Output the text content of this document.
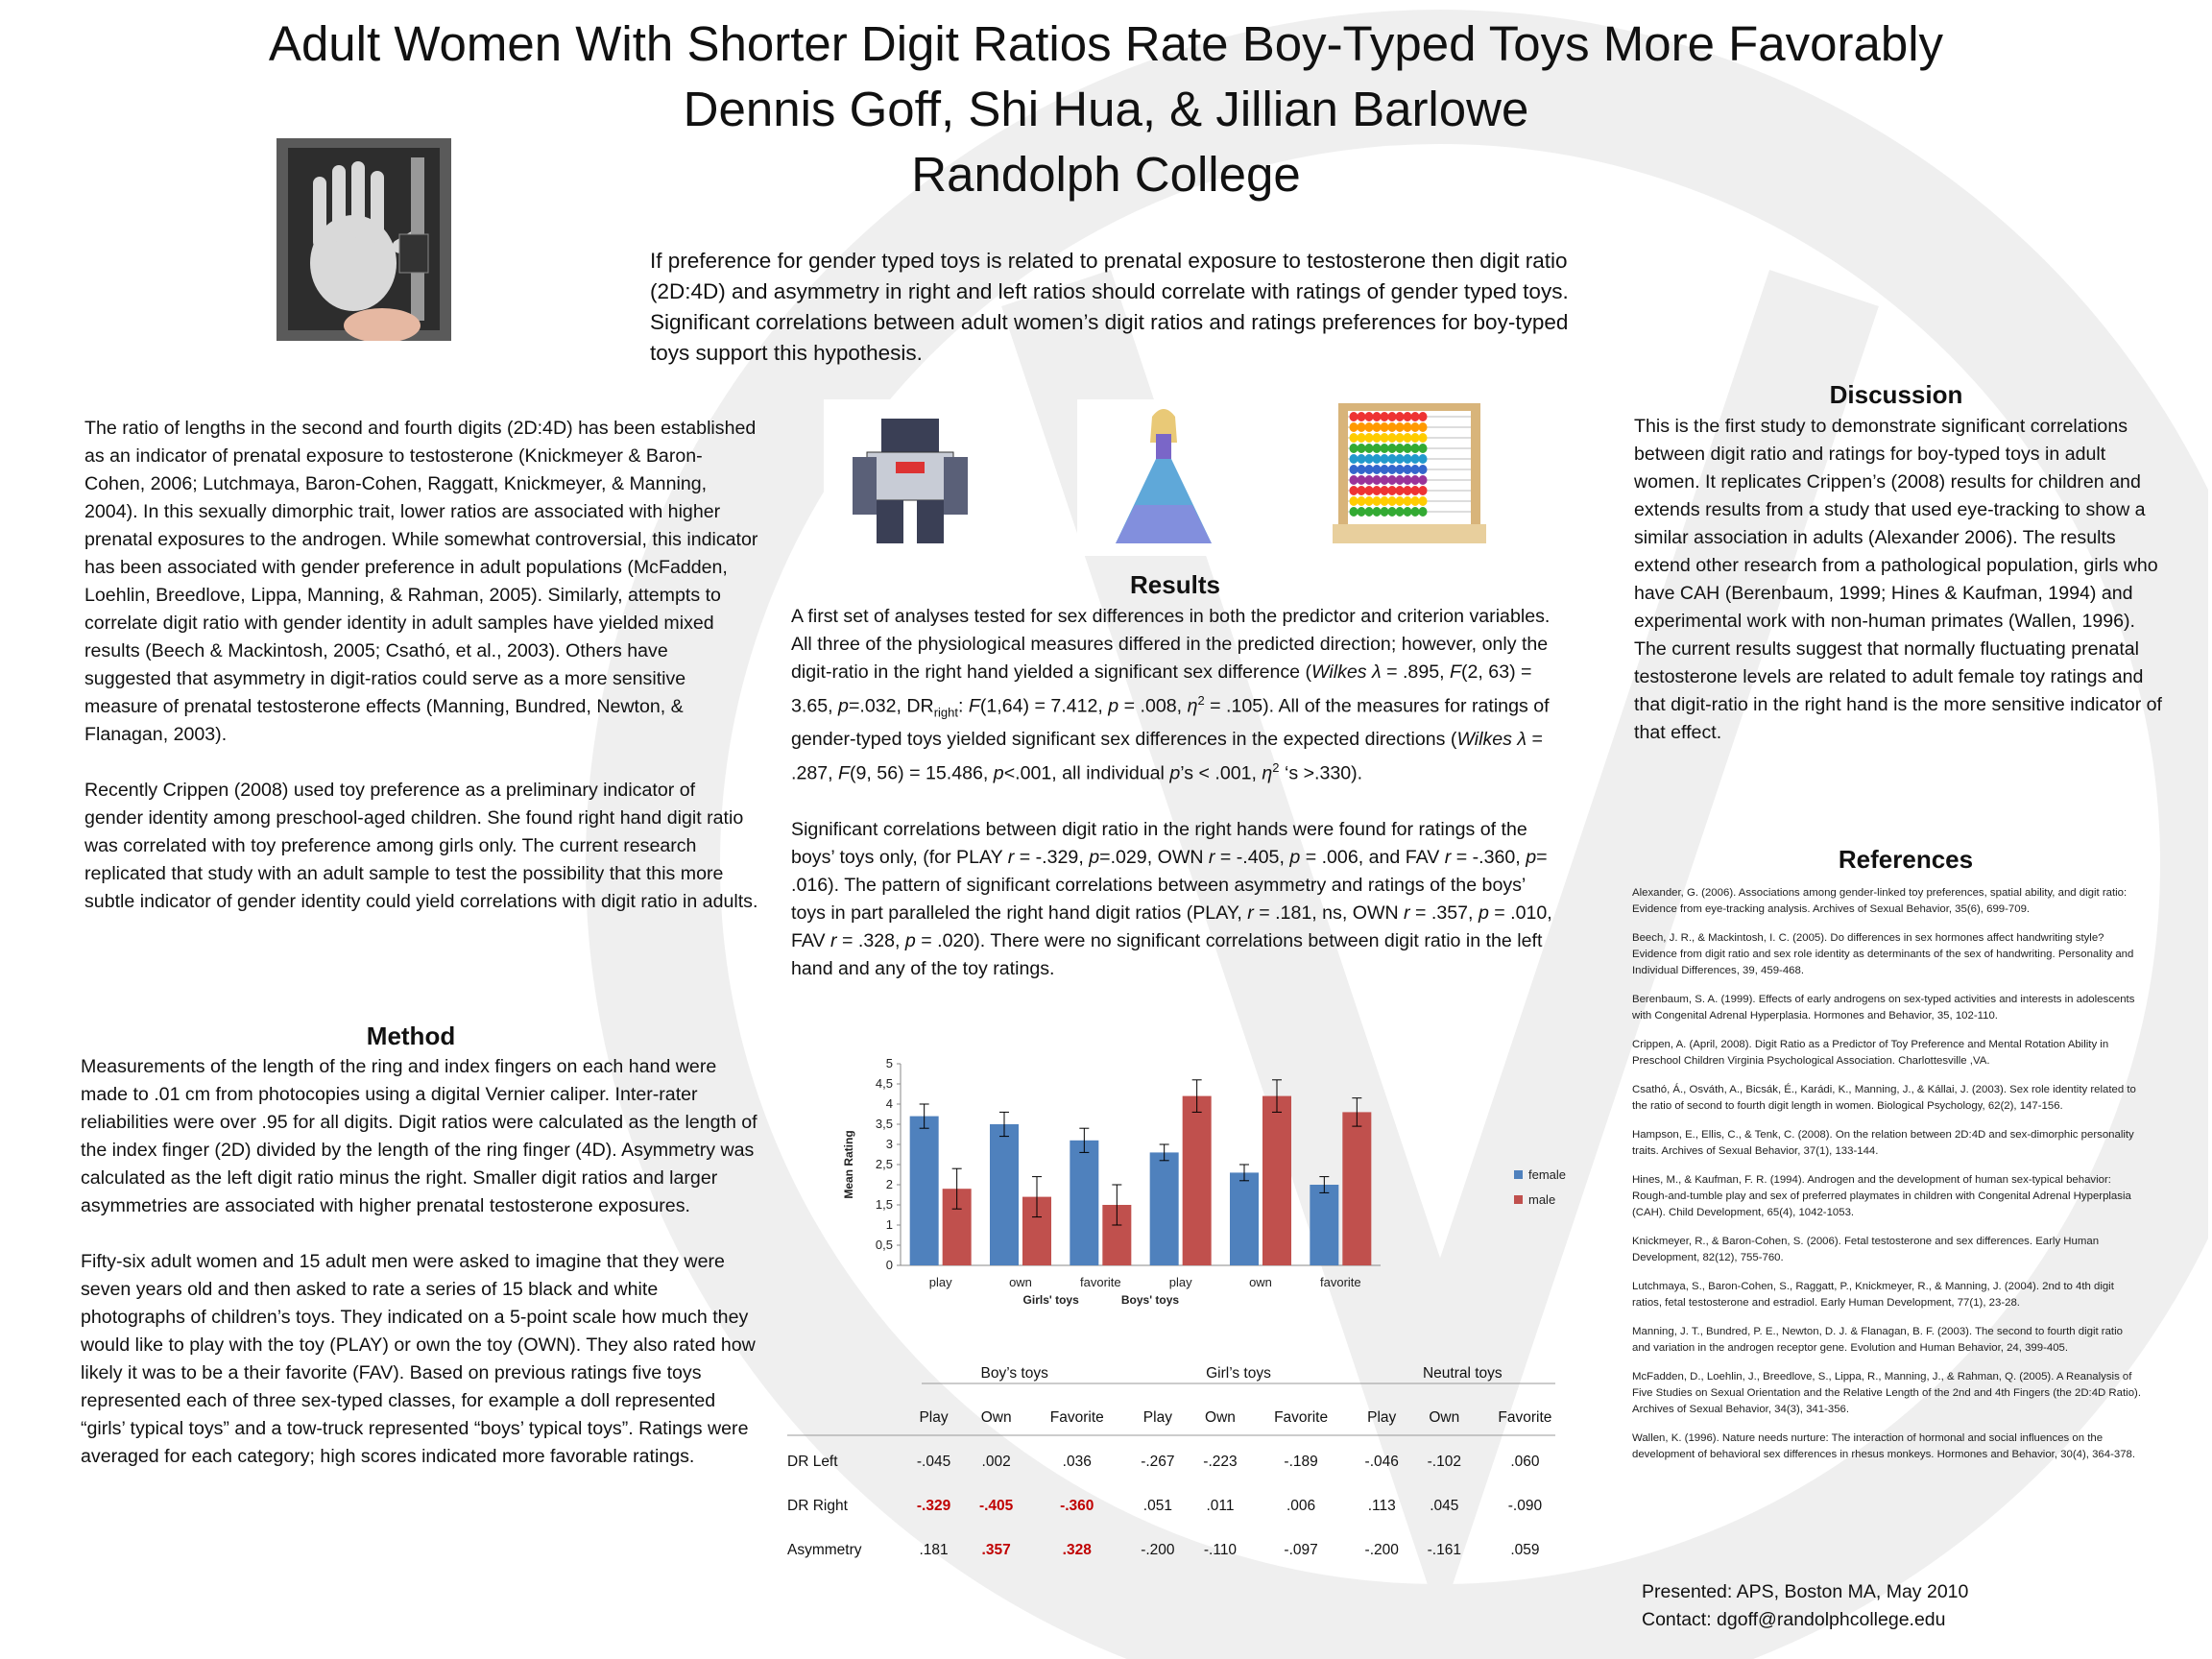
Adult Women With Shorter Digit Ratios Rate Boy-Typed Toys More Favorably
Dennis Goff, Shi Hua, & Jillian Barlowe
Randolph College
If preference for gender typed toys is related to prenatal exposure to testosterone then digit ratio (2D:4D) and asymmetry in right and left ratios should correlate with ratings of gender typed toys. Significant correlations between adult women’s digit ratios and ratings preferences for boy-typed toys support this hypothesis.

The ratio of lengths in the second and fourth digits (2D:4D) has been established as an indicator of prenatal exposure to testosterone (Knickmeyer & Baron-Cohen, 2006; Lutchmaya, Baron-Cohen, Raggatt, Knickmeyer, & Manning, 2004). In this sexually dimorphic trait, lower ratios are associated with higher prenatal exposures to the androgen. While somewhat controversial, this indicator has been associated with gender preference in adult populations (McFadden, Loehlin, Breedlove, Lippa, Manning, & Rahman, 2005). Similarly, attempts to correlate digit ratio with gender identity in adult samples have yielded mixed results (Beech & Mackintosh, 2005; Csathó, et al., 2003). Others have suggested that asymmetry in digit-ratios could serve as a more sensitive measure of prenatal testosterone effects (Manning, Bundred, Newton, & Flanagan, 2003).

Recently Crippen (2008) used toy preference as a preliminary indicator of gender identity among preschool-aged children. She found right hand digit ratio was correlated with toy preference among girls only. The current research replicated that study with an adult sample to test the possibility that this more subtle indicator of gender identity could yield correlations with digit ratio in adults.

Method

Measurements of the length of the ring and index fingers on each hand were made to .01 cm from photocopies using a digital Vernier caliper. Inter-rater reliabilities were over .95 for all digits. Digit ratios were calculated as the length of the index finger (2D) divided by the length of the ring finger (4D). Asymmetry was calculated as the left digit ratio minus the right. Smaller digit ratios and larger asymmetries are associated with higher prenatal testosterone exposures.

Fifty-six adult women and 15 adult men were asked to imagine that they were seven years old and then asked to rate a series of 15 black and white photographs of children’s toys. They indicated on a 5-point scale how much they would like to play with the toy (PLAY) or own the toy (OWN). They also rated how likely it was to be a their favorite (FAV). Based on previous ratings five toys represented each of three sex-typed classes, for example a doll represented “girls’ typical toys” and a tow-truck represented “boys’ typical toys”. Ratings were averaged for each category; high scores indicated more favorable ratings.

Results

A first set of analyses tested for sex differences in both the predictor and criterion variables. All three of the physiological measures differed in the predicted direction; however, only the digit-ratio in the right hand yielded a significant sex difference (Wilkes λ = .895, F(2, 63) = 3.65, p=.032, $DR_{right}$: F(1,64) = 7.412, p = .008, $\eta^2 = .105$). All of the measures for ratings of gender-typed toys yielded significant sex differences in the expected directions (Wilkes λ = .287, F(9, 56) = 15.486, p<.001, all individual p’s < .001, $\eta^2$ ‘s >.330).

Significant correlations between digit ratio in the right hands were found for ratings of the boys’ toys only, (for PLAY r = -.329, p=.029, OWN r = -.405, p = .006, and FAV r = -.360, p= .016). The pattern of significant correlations between asymmetry and ratings of the boys’ toys in part paralleled the right hand digit ratios (PLAY, r = .181, ns, OWN r = .357, p = .010, FAV r = .328, p = .020). There were no significant correlations between digit ratio in the left hand and any of the toy ratings.

0
0,5
1
1,5
2
2,5
3
3,5
4
4,5
5
Mean Rating
play	own	favorite	play	own	favorite
Girls' toys	Boys' toys
female
male
	Boy’s toys			Girl’s toys			Neutral toys		
	Play	Own	Favorite	Play	Own	Favorite	Play	Own	Favorite
DR Left	-.045	.002	.036	-.267	-.223	-.189	-.046	-.102	.060
DR Right	-.329	-.405	-.360	.051	.011	.006	.113	.045	-.090
Asymmetry	.181	.357	.328	-.200	-.110	-.097	-.200	-.161	.059
Discussion
This is the first study to demonstrate significant correlations between digit ratio and ratings for boy-typed toys in adult women. It replicates Crippen’s (2008) results for children and extends results from a study that used eye-tracking to show a similar association in adults (Alexander 2006). The results extend other research from a pathological population, girls who have CAH (Berenbaum, 1999; Hines & Kaufman, 1994) and experimental work with non-human primates (Wallen, 1996). The current results suggest that normally fluctuating prenatal testosterone levels are related to adult female toy ratings and that digit-ratio in the right hand is the more sensitive indicator of that effect.
References
Alexander, G. (2006). Associations among gender-linked toy preferences, spatial ability, and digit ratio: Evidence from eye-tracking analysis. Archives of Sexual Behavior, 35(6), 699-709.
Beech, J. R., & Mackintosh, I. C. (2005). Do differences in sex hormones affect handwriting style? Evidence from digit ratio and sex role identity as determinants of the sex of handwriting. Personality and Individual Differences, 39, 459-468.
Berenbaum, S. A. (1999). Effects of early androgens on sex-typed activities and interests in adolescents with Congenital Adrenal Hyperplasia. Hormones and Behavior, 35, 102-110.
Crippen, A. (April, 2008). Digit Ratio as a Predictor of Toy Preference and Mental Rotation Ability in Preschool Children Virginia Psychological Association. Charlottesville ,VA.
Csathó, Á., Osváth, A., Bicsák, É., Karádi, K., Manning, J., & Kállai, J. (2003). Sex role identity related to the ratio of second to fourth digit length in women. Biological Psychology, 62(2), 147-156.
Hampson, E., Ellis, C., & Tenk, C. (2008). On the relation between 2D:4D and sex-dimorphic personality traits. Archives of Sexual Behavior, 37(1), 133-144.
Hines, M., & Kaufman, F. R. (1994). Androgen and the development of human sex-typical behavior: Rough-and-tumble play and sex of preferred playmates in children with Congenital Adrenal Hyperplasia (CAH). Child Development, 65(4), 1042-1053.
Knickmeyer, R., & Baron-Cohen, S. (2006). Fetal testosterone and sex differences. Early Human Development, 82(12), 755-760.
Lutchmaya, S., Baron-Cohen, S., Raggatt, P., Knickmeyer, R., & Manning, J. (2004). 2nd to 4th digit ratios, fetal testosterone and estradiol. Early Human Development, 77(1), 23-28.
Manning, J. T., Bundred, P. E., Newton, D. J. & Flanagan, B. F. (2003). The second to fourth digit ratio and variation in the androgen receptor gene. Evolution and Human Behavior, 24, 399-405.
McFadden, D., Loehlin, J., Breedlove, S., Lippa, R., Manning, J., & Rahman, Q. (2005). A Reanalysis of Five Studies on Sexual Orientation and the Relative Length of the 2nd and 4th Fingers (the 2D:4D Ratio). Archives of Sexual Behavior, 34(3), 341-356.
Wallen, K. (1996). Nature needs nurture: The interaction of hormonal and social influences on the development of behavioral sex differences in rhesus monkeys. Hormones and Behavior, 30(4), 364-378.
Presented: APS, Boston MA, May 2010
Contact: dgoff@randolphcollege.edu
